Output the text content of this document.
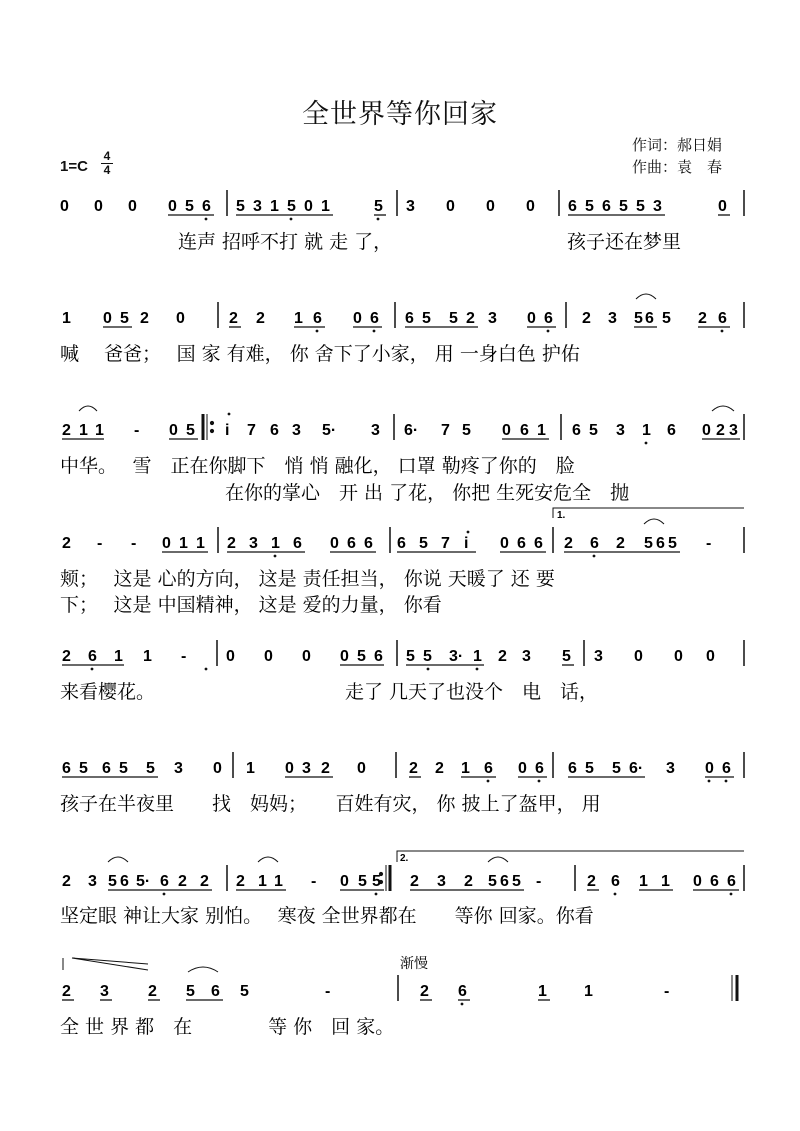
全世界等你回家
作词：郝日娟
作曲：袁　春
$1=C \frac{4}{4}$
1.
2.
渐慢
0 0 0 0 5 6 5 3 1 5 0 1	5 3 0 0 0 6 5 6 5 5 3	0
连声 招呼不打 就 走 了，	孩子还在梦里
1 0 5 2 0	2 2 1 6 0 6 6 5 5 2 3 0 6 2 3 5 6 5 2 6
喊　 爸爸；　 国 家 有难， 你 舍下了小家， 用 一身白色 护佑
2 1 1 - 0 5 i 7 6 3 5· 3 6· 7 5 0 6 1 6 5 3 1 6 0 2 3
中华。　 雪　正在你脚下　悄 悄 融化， 口罩 勒疼了你的　脸
在你的掌心　开 出 了花， 你把 生死安危全　抛
2 - - 0 1 1 2 3 1 6 0 6 6 6 5 7 i 0 6 6 2 6 2 5 6 5 -
颊；　 这是 心的方向， 这是 责任担当， 你说 天暖了 还 要
下；　 这是 中国精神， 这是 爱的力量， 你看
2 6 1 1 - 0 0 0 0 5 6 5 5 3· 1 2 3 5 3 0 0 0
来看樱花。	走了 几天了也没个　电　话，
6 5 6 5 5 3 0 1 0 3 2 0	2 2 1 6 0 6 6 5 5 6· 3 0 6
孩子在半夜里　　找　妈妈；　　百姓有灾， 你 披上了盔甲， 用
2 3 5 6 5· 6 2 2 2 1 1 - 0 5 5 2 3 2 5 6 5 -	2 6 1 1 0 6 6
坚定眼 神让大家 别怕。　 寒夜 全世界都在　　等你 回家。你看
2 3 2 5 6 5	-	2 6	1 1	-
全 世 界 都　在　　　　等 你　回 家。
